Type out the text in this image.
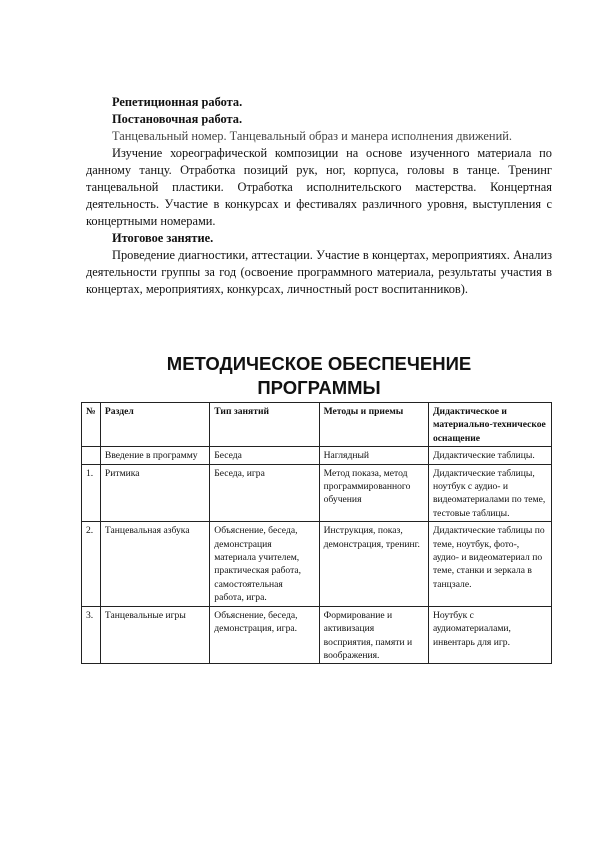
Репетиционная работа.

Постановочная работа.

Танцевальный номер. Танцевальный образ и манера исполнения движений.

Изучение хореографической композиции на основе изученного материала по данному танцу. Отработка позиций рук, ног, корпуса, головы в танце. Тренинг танцевальной пластики. Отработка исполнительского мастерства. Концертная деятельность. Участие в конкурсах и фестивалях различного уровня, выступления с концертными номерами.

Итоговое занятие.

Проведение диагностики, аттестации. Участие в концертах, мероприятиях. Анализ деятельности группы за год (освоение программного материала, результаты участия в концертах, мероприятиях, конкурсах, личностный рост воспитанников).

МЕТОДИЧЕСКОЕ ОБЕСПЕЧЕНИЕ
ПРОГРАММЫ
№	Раздел	Тип занятий	Методы и приемы	Дидактическое и материально-техническое оснащение
	Введение в программу	Беседа	Наглядный	Дидактические таблицы.
1.	Ритмика	Беседа, игра	Метод показа, метод программированного обучения	Дидактические таблицы, ноутбук с аудио- и видеоматериалами по теме, тестовые таблицы.
2.	Танцевальная азбука	Объяснение, беседа, демонстрация материала учителем, практическая работа, самостоятельная работа, игра.	Инструкция, показ, демонстрация, тренинг.	Дидактические таблицы по теме, ноутбук, фото-, аудио- и видеоматериал по теме, станки и зеркала в танцзале.
3.	Танцевальные игры	Объяснение, беседа, демонстрация, игра.	Формирование и активизация восприятия, памяти и воображения.	Ноутбук с аудиоматериалами, инвентарь для игр.
